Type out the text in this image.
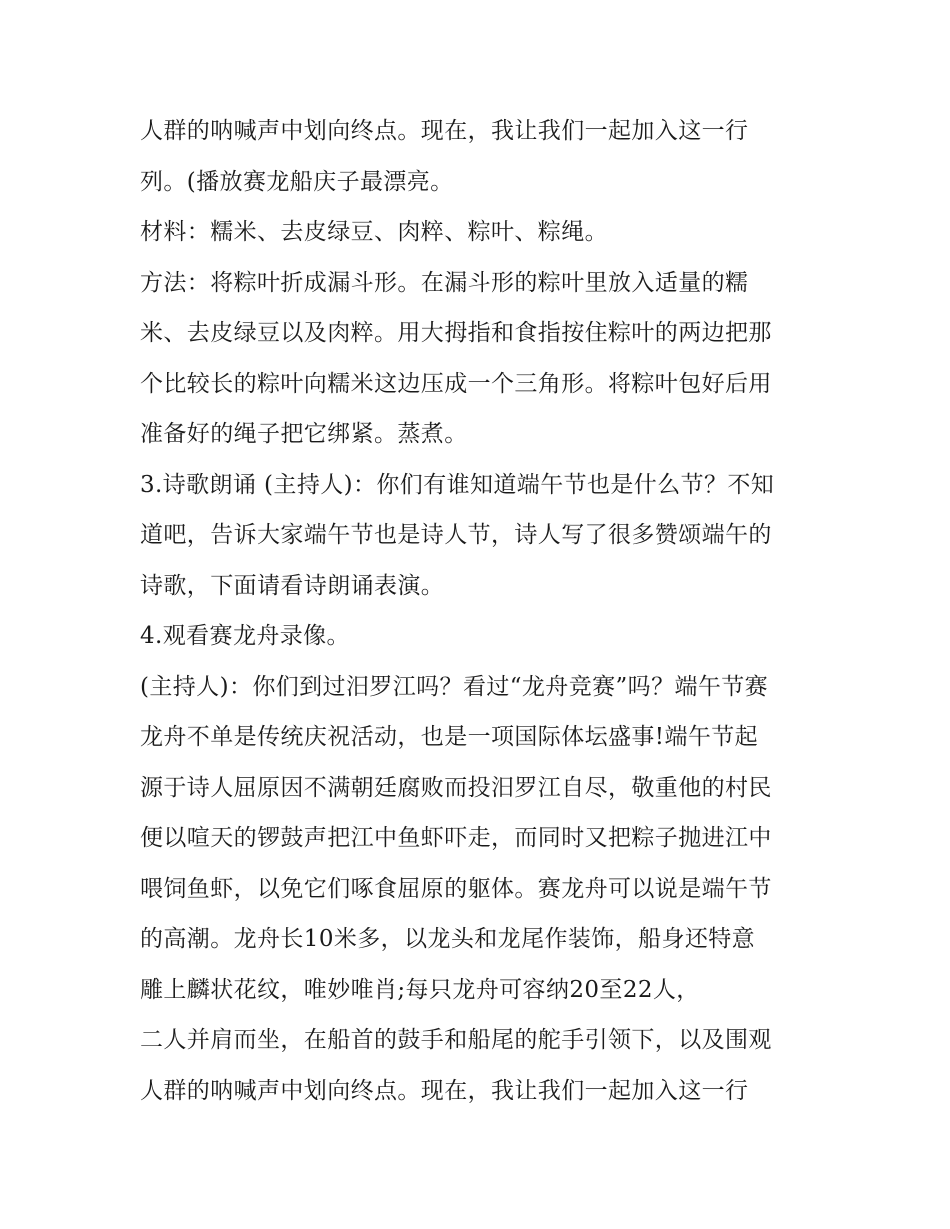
人群的呐喊声中划向终点。现在，我让我们一起加入这一行
列。(播放赛龙船庆子最漂亮。
材料：糯米、去皮绿豆、肉粹、粽叶、粽绳。
方法：将粽叶折成漏斗形。在漏斗形的粽叶里放入适量的糯
米、去皮绿豆以及肉粹。用大拇指和食指按住粽叶的两边把那
个比较长的粽叶向糯米这边压成一个三角形。将粽叶包好后用
准备好的绳子把它绑紧。蒸煮。
3.诗歌朗诵 (主持人)：你们有谁知道端午节也是什么节？不知
道吧，告诉大家端午节也是诗人节，诗人写了很多赞颂端午的
诗歌，下面请看诗朗诵表演。
4.观看赛龙舟录像。
(主持人)：你们到过汨罗江吗？看过“龙舟竞赛”吗？端午节赛
龙舟不单是传统庆祝活动，也是一项国际体坛盛事!端午节起
源于诗人屈原因不满朝廷腐败而投汨罗江自尽，敬重他的村民
便以喧天的锣鼓声把江中鱼虾吓走，而同时又把粽子抛进江中
喂饲鱼虾，以免它们啄食屈原的躯体。赛龙舟可以说是端午节
的高潮。龙舟长10米多，以龙头和龙尾作装饰，船身还特意
雕上麟状花纹，唯妙唯肖;每只龙舟可容纳20至22人，
二人并肩而坐，在船首的鼓手和船尾的舵手引领下，以及围观
人群的呐喊声中划向终点。现在，我让我们一起加入这一行
